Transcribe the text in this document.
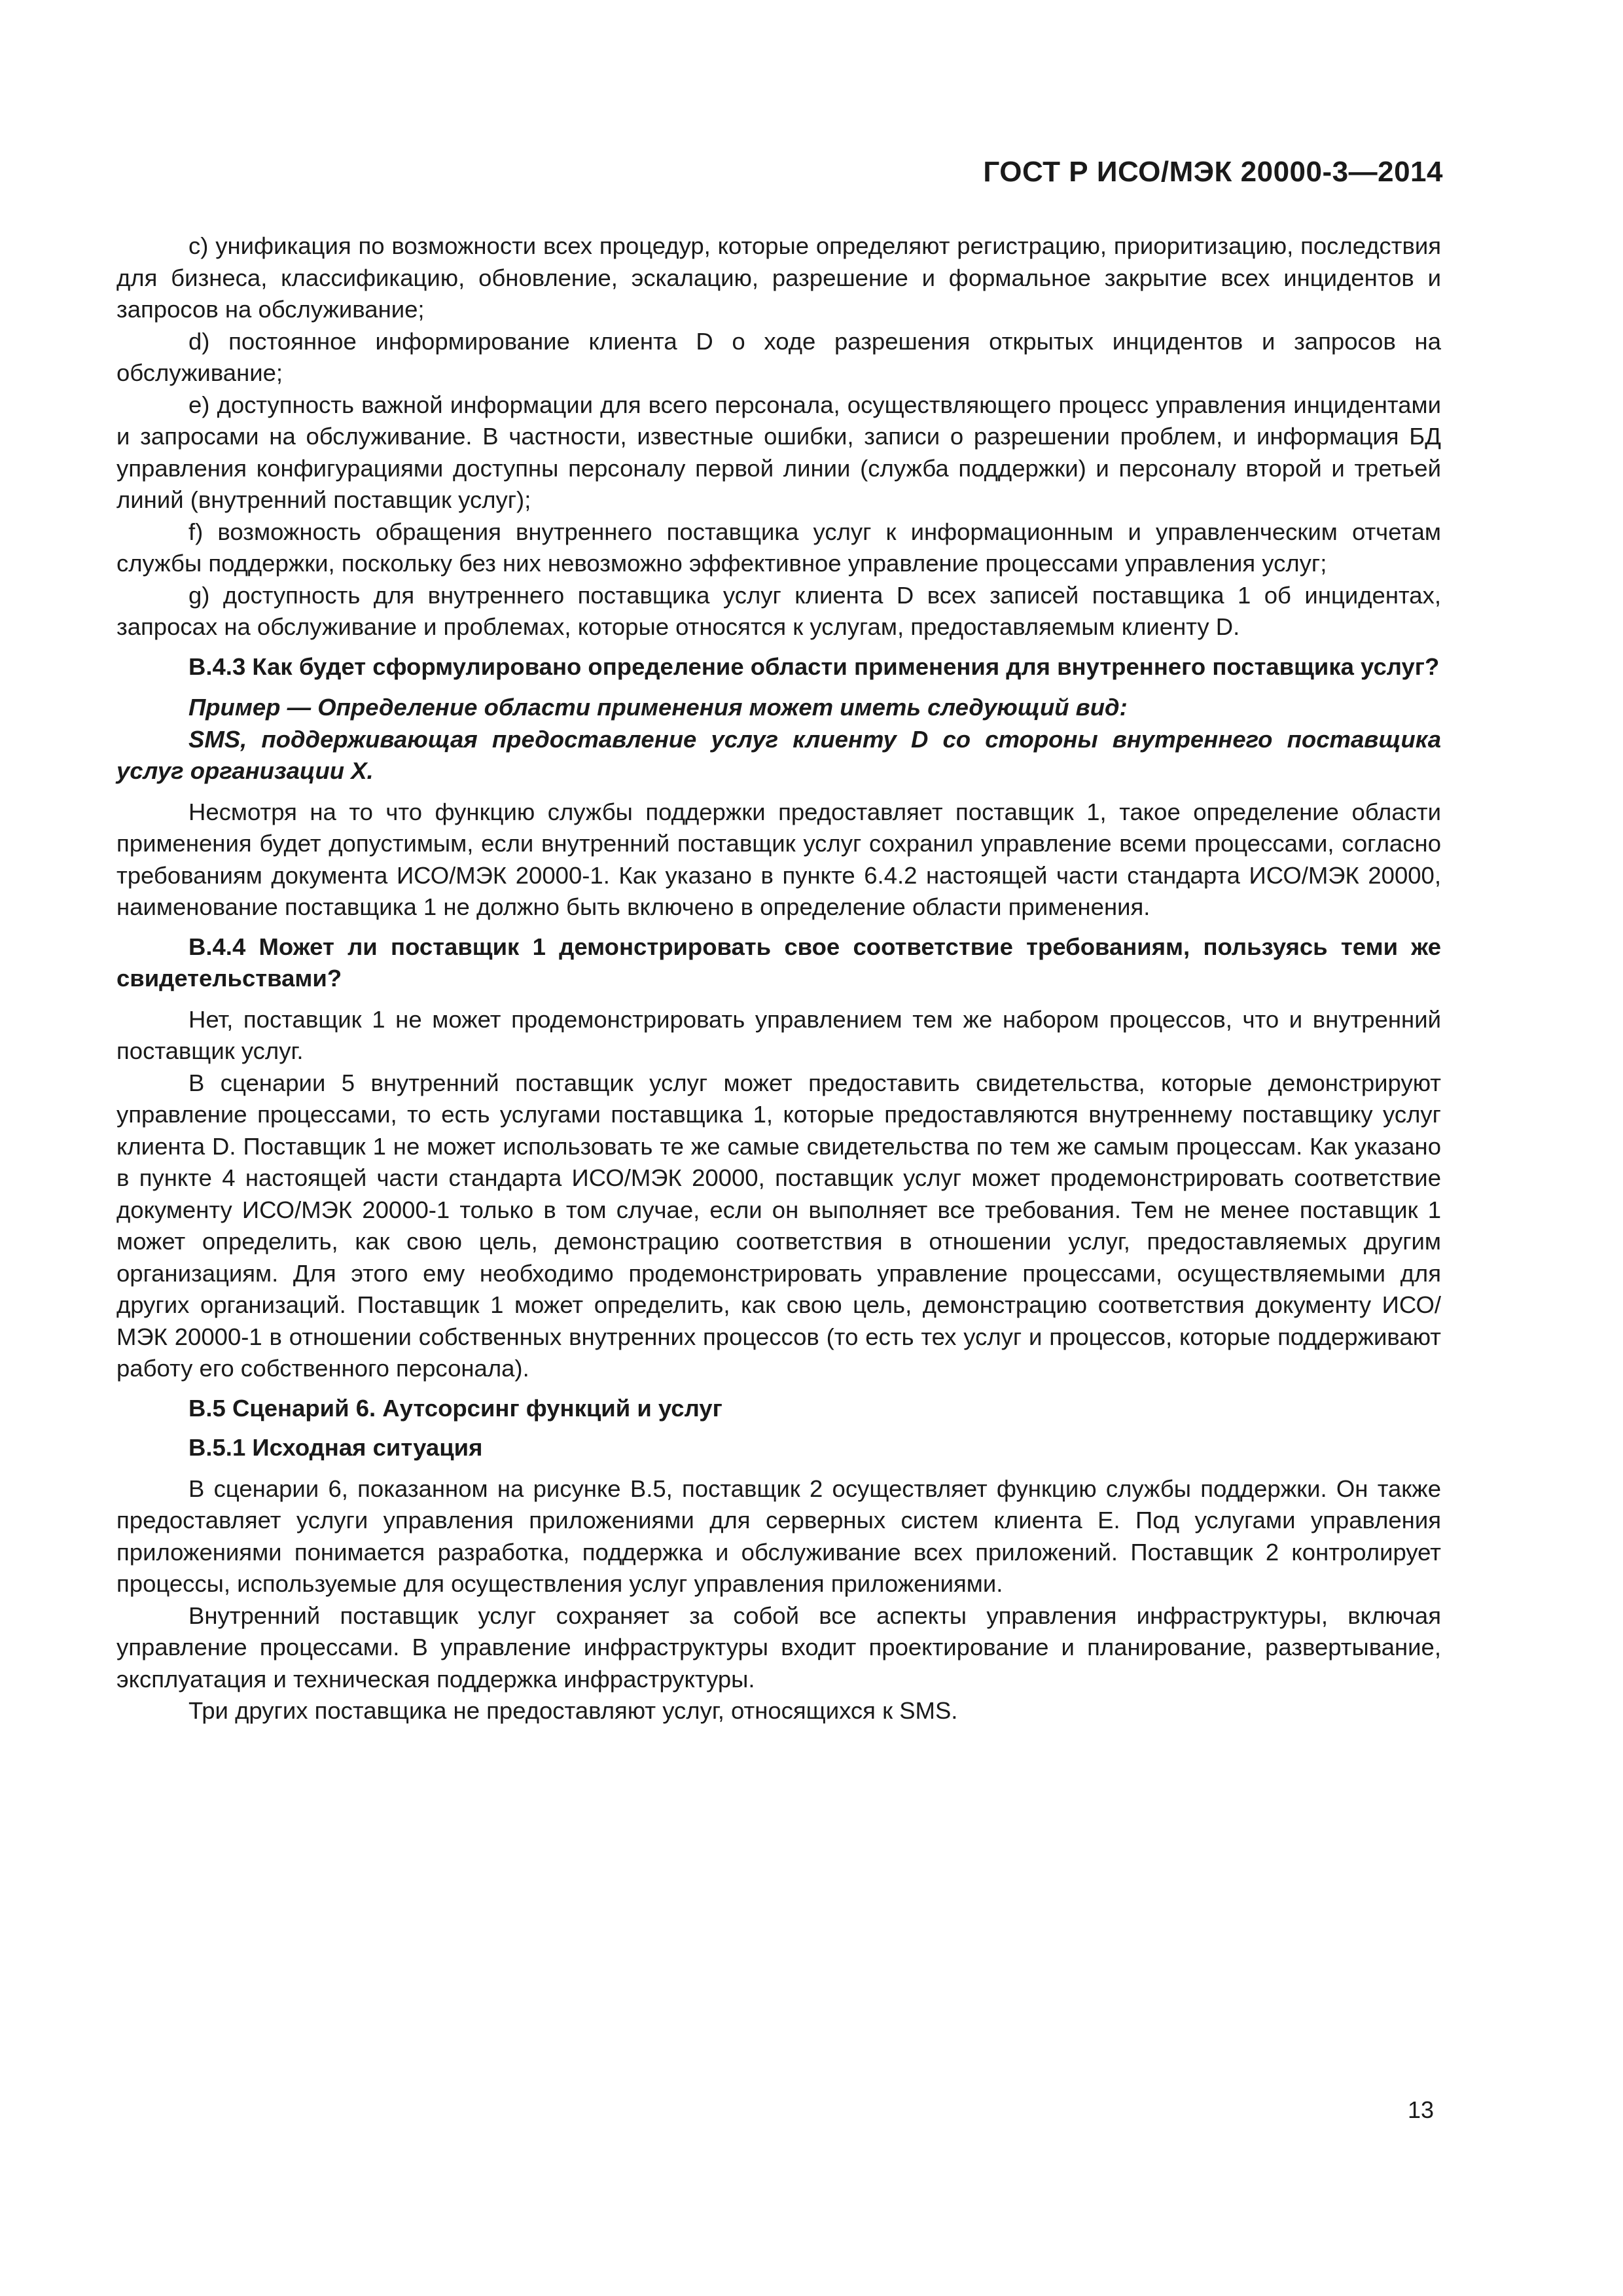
ГОСТ Р ИСО/МЭК 20000-3—2014

c) унификация по возможности всех процедур, которые определяют регистрацию, приоритизацию, последствия для бизнеса, классификацию, обновление, эскалацию, разрешение и формальное закрытие всех инцидентов и запросов на обслуживание;

d) постоянное информирование клиента D о ходе разрешения открытых инцидентов и запросов на обслуживание;

e) доступность важной информации для всего персонала, осуществляющего процесс управления инцидентами и запросами на обслуживание. В частности, известные ошибки, записи о разрешении проблем, и информация БД управления конфигурациями доступны персоналу первой линии (служба поддержки) и персоналу второй и третьей линий (внутренний поставщик услуг);

f) возможность обращения внутреннего поставщика услуг к информационным и управленческим отчетам службы поддержки, поскольку без них невозможно эффективное управление процессами управления услуг;

g) доступность для внутреннего поставщика услуг клиента D всех записей поставщика 1 об инцидентах, запросах на обслуживание и проблемах, которые относятся к услугам, предоставляемым клиенту D.

B.4.3 Как будет сформулировано определение области применения для внутреннего поставщика услуг?

Пример — Определение области применения может иметь следующий вид:

SMS, поддерживающая предоставление услуг клиенту D со стороны внутреннего поставщика услуг организации X.

Несмотря на то что функцию службы поддержки предоставляет поставщик 1, такое определение области применения будет допустимым, если внутренний поставщик услуг сохранил управление всеми процессами, согласно требованиям документа ИСО/МЭК 20000-1. Как указано в пункте 6.4.2 настоящей части стандарта ИСО/МЭК 20000, наименование поставщика 1 не должно быть включено в определение области применения.

B.4.4 Может ли поставщик 1 демонстрировать свое соответствие требованиям, пользуясь теми же свидетельствами?

Нет, поставщик 1 не может продемонстрировать управлением тем же набором процессов, что и внутренний поставщик услуг.

В сценарии 5 внутренний поставщик услуг может предоставить свидетельства, которые демонстрируют управление процессами, то есть услугами поставщика 1, которые предоставляются внутреннему поставщику услуг клиента D. Поставщик 1 не может использовать те же самые свидетельства по тем же самым процессам. Как указано в пункте 4 настоящей части стандарта ИСО/МЭК 20000, поставщик услуг может продемонстрировать соответствие документу ИСО/МЭК 20000-1 только в том случае, если он выполняет все требования. Тем не менее поставщик 1 может определить, как свою цель, демонстрацию соответствия в отношении услуг, предоставляемых другим организациям. Для этого ему необходимо продемонстрировать управление процессами, осуществляемыми для других организаций. Поставщик 1 может определить, как свою цель, демонстрацию соответствия документу ИСО/МЭК 20000-1 в отношении собственных внутренних процессов (то есть тех услуг и процессов, которые поддерживают работу его собственного персонала).

B.5 Сценарий 6. Аутсорсинг функций и услуг

B.5.1 Исходная ситуация

В сценарии 6, показанном на рисунке B.5, поставщик 2 осуществляет функцию службы поддержки. Он также предоставляет услуги управления приложениями для серверных систем клиента E. Под услугами управления приложениями понимается разработка, поддержка и обслуживание всех приложений. Поставщик 2 контролирует процессы, используемые для осуществления услуг управления приложениями.

Внутренний поставщик услуг сохраняет за собой все аспекты управления инфраструктуры, включая управление процессами. В управление инфраструктуры входит проектирование и планирование, развертывание, эксплуатация и техническая поддержка инфраструктуры.

Три других поставщика не предоставляют услуг, относящихся к SMS.

13
